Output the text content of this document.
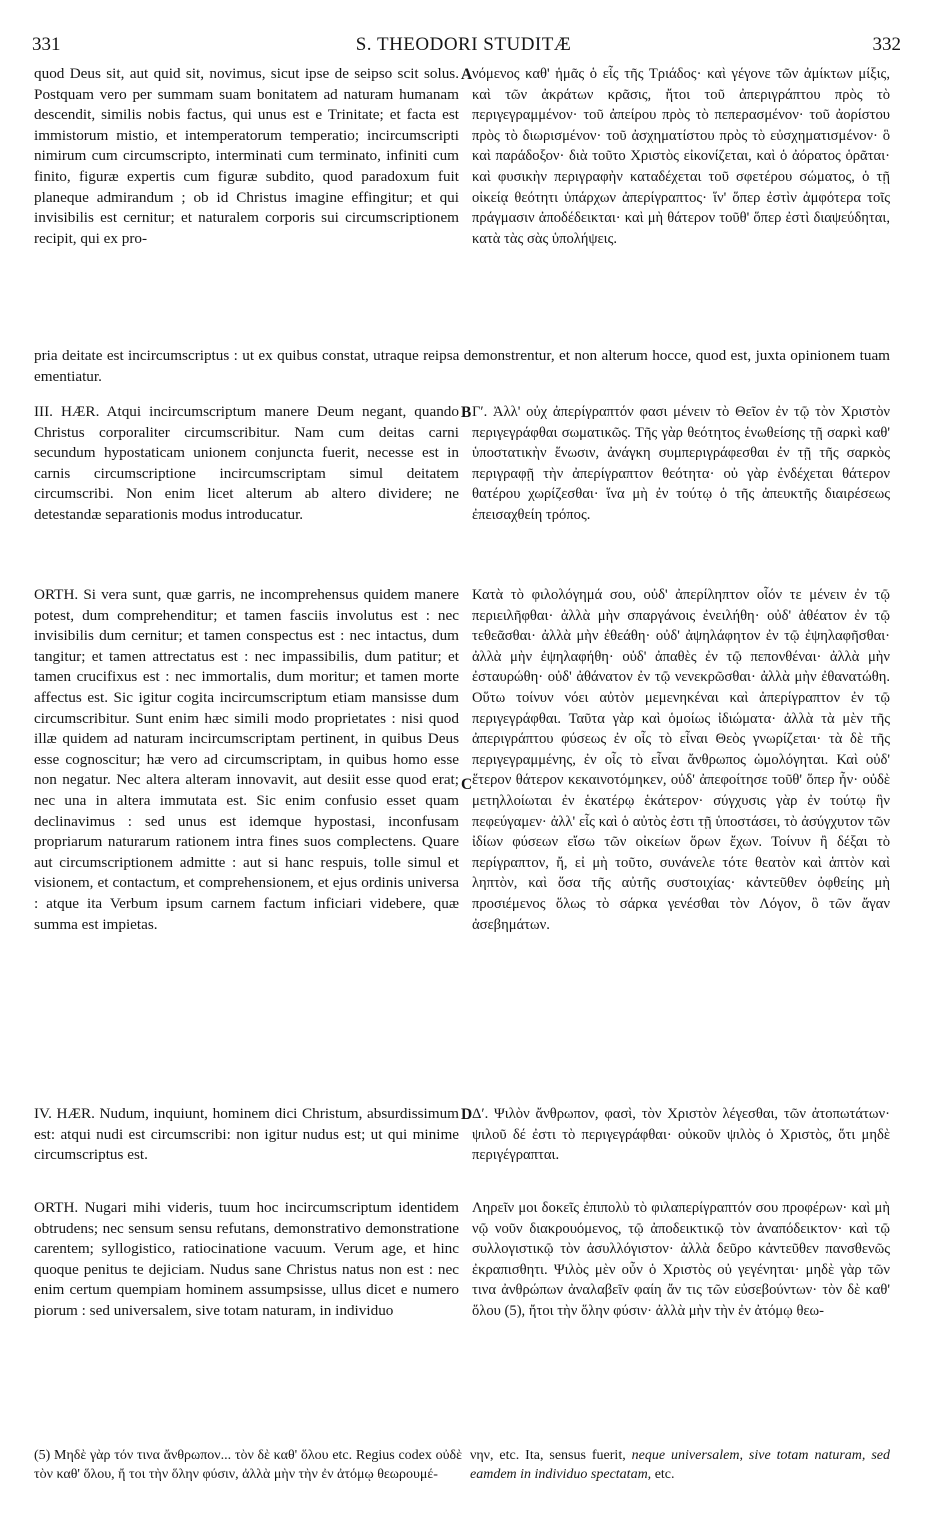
331	S. THEODORI STUDITÆ	332
A
B
C
D
quod Deus sit, aut quid sit, novimus, sicut ipse de seipso scit solus. Postquam vero per summam suam bonitatem ad naturam humanam descendit, similis nobis factus, qui unus est e Trinitate; et facta est immistorum mistio, et intemperatorum temperatio; incircumscripti nimirum cum circumscripto, interminati cum terminato, infiniti cum finito, figuræ expertis cum figuræ subdito, quod paradoxum fuit planeque admirandum ; ob id Christus imagine effingitur; et qui invisibilis est cernitur; et naturalem corporis sui circumscriptionem recipit, qui ex pro-
νόμενος καθ' ἡμᾶς ὁ εἷς τῆς Τριάδος· καὶ γέγονε τῶν ἀμίκτων μίξις, καὶ τῶν ἀκράτων κρᾶσις, ἤτοι τοῦ ἀπεριγράπτου πρὸς τὸ περιγεγραμμένον· τοῦ ἀπείρου πρὸς τὸ πεπερασμένον· τοῦ ἀορίστου πρὸς τὸ διωρισμένον· τοῦ ἀσχηματίστου πρὸς τὸ εὐσχηματισμένον· ὃ καὶ παράδοξον· διὰ τοῦτο Χριστὸς εἰκονίζεται, καὶ ὁ ἀόρατος ὁρᾶται· καὶ φυσικὴν περιγραφὴν καταδέχεται τοῦ σφετέρου σώματος, ὁ τῇ οἰκείᾳ θεότητι ὑπάρχων ἀπερίγραπτος· ἵν' ὅπερ ἐστὶν ἀμφότερα τοῖς πράγμασιν ἀποδέδεικται· καὶ μὴ θάτερον τοῦθ' ὅπερ ἐστὶ διαψεύδηται, κατὰ τὰς σὰς ὑπολήψεις.
pria deitate est incircumscriptus : ut ex quibus constat, utraque reipsa demonstrentur, et non alterum hocce, quod est, juxta opinionem tuam ementiatur.
III. HÆR. Atqui incircumscriptum manere Deum negant, quando Christus corporaliter circumscribitur. Nam cum deitas carni secundum hypostaticam unionem conjuncta fuerit, necesse est in carnis circumscriptione incircumscriptam simul deitatem circumscribi. Non enim licet alterum ab altero dividere; ne detestandæ separationis modus introducatur.
Γʹ. Ἀλλ' οὐχ ἀπερίγραπτόν φασι μένειν τὸ Θεῖον ἐν τῷ τὸν Χριστὸν περιγεγράφθαι σωματικῶς. Τῆς γὰρ θεότητος ἑνωθείσης τῇ σαρκὶ καθ' ὑποστατικὴν ἕνωσιν, ἀνάγκη συμπεριγράφεσθαι ἐν τῇ τῆς σαρκὸς περιγραφῇ τὴν ἀπερίγραπτον θεότητα· οὐ γὰρ ἐνδέχεται θάτερον θατέρου χωρίζεσθαι· ἵνα μὴ ἐν τούτῳ ὁ τῆς ἀπευκτῆς διαιρέσεως ἐπεισαχθείη τρόπος.
ORTH. Si vera sunt, quæ garris, ne incomprehensus quidem manere potest, dum comprehenditur; et tamen fasciis involutus est : nec invisibilis dum cernitur; et tamen conspectus est : nec intactus, dum tangitur; et tamen attrectatus est : nec impassibilis, dum patitur; et tamen crucifixus est : nec immortalis, dum moritur; et tamen morte affectus est. Sic igitur cogita incircumscriptum etiam mansisse dum circumscribitur. Sunt enim hæc simili modo proprietates : nisi quod illæ quidem ad naturam incircumscriptam pertinent, in quibus Deus esse cognoscitur; hæ vero ad circumscriptam, in quibus homo esse non negatur. Nec altera alteram innovavit, aut desiit esse quod erat; nec una in altera immutata est. Sic enim confusio esset quam declinavimus : sed unus est idemque hypostasi, inconfusam propriarum naturarum rationem intra fines suos complectens. Quare aut circumscriptionem admitte : aut si hanc respuis, tolle simul et visionem, et contactum, et comprehensionem, et ejus ordinis universa : atque ita Verbum ipsum carnem factum inficiari videbere, quæ summa est impietas.
Κατὰ τὸ φιλολόγημά σου, οὐδ' ἀπερίληπτον οἷόν τε μένειν ἐν τῷ περιειλῆφθαι· ἀλλὰ μὴν σπαργάνοις ἐνειλήθη· οὐδ' ἀθέατον ἐν τῷ τεθεᾶσθαι· ἀλλὰ μὴν ἐθεάθη· οὐδ' ἀψηλάφητον ἐν τῷ ἐψηλαφῆσθαι· ἀλλὰ μὴν ἐψηλαφήθη· οὐδ' ἀπαθὲς ἐν τῷ πεπονθέναι· ἀλλὰ μὴν ἐσταυρώθη· οὐδ' ἀθάνατον ἐν τῷ νενεκρῶσθαι· ἀλλὰ μὴν ἐθανατώθη. Οὕτω τοίνυν νόει αὐτὸν μεμενηκέναι καὶ ἀπερίγραπτον ἐν τῷ περιγεγράφθαι. Ταῦτα γὰρ καὶ ὁμοίως ἰδιώματα· ἀλλὰ τὰ μὲν τῆς ἀπεριγράπτου φύσεως ἐν οἷς τὸ εἶναι Θεὸς γνωρίζεται· τὰ δὲ τῆς περιγεγραμμένης, ἐν οἷς τὸ εἶναι ἄνθρωπος ὡμολόγηται. Καὶ οὐδ' ἕτερον θάτερον κεκαινοτόμηκεν, οὐδ' ἀπεφοίτησε τοῦθ' ὅπερ ἦν· οὐδὲ μετηλλοίωται ἐν ἑκατέρῳ ἑκάτερον· σύγχυσις γὰρ ἐν τούτῳ ἣν πεφεύγαμεν· ἀλλ' εἷς καὶ ὁ αὐτὸς ἐστι τῇ ὑποστάσει, τὸ ἀσύγχυτον τῶν ἰδίων φύσεων εἴσω τῶν οἰκείων ὅρων ἔχων. Τοίνυν ἢ δέξαι τὸ περίγραπτον, ἤ, εἰ μὴ τοῦτο, συνάνελε τότε θεατὸν καὶ ἁπτὸν καὶ ληπτὸν, καὶ ὅσα τῆς αὐτῆς συστοιχίας· κἀντεῦθεν ὀφθείης μὴ προσιέμενος ὅλως τὸ σάρκα γενέσθαι τὸν Λόγον, ὃ τῶν ἄγαν ἀσεβημάτων.
IV. HÆR. Nudum, inquiunt, hominem dici Christum, absurdissimum est: atqui nudi est circumscribi: non igitur nudus est; ut qui minime circumscriptus est.
Δʹ. Ψιλὸν ἄνθρωπον, φασὶ, τὸν Χριστὸν λέγεσθαι, τῶν ἀτοπωτάτων· ψιλοῦ δέ ἐστι τὸ περιγεγράφθαι· οὐκοῦν ψιλὸς ὁ Χριστὸς, ὅτι μηδὲ περιγέγραπται.
ORTH. Nugari mihi videris, tuum hoc incircumscriptum identidem obtrudens; nec sensum sensu refutans, demonstrativo demonstratione carentem; syllogistico, ratiocinatione vacuum. Verum age, et hinc quoque penitus te dejiciam. Nudus sane Christus natus non est : nec enim certum quempiam hominem assumpsisse, ullus dicet e numero piorum : sed universalem, sive totam naturam, in individuo
Ληρεῖν μοι δοκεῖς ἐπιπολὺ τὸ φιλαπερίγραπτόν σου προφέρων· καὶ μὴ νῷ νοῦν διακρουόμενος, τῷ ἀποδεικτικῷ τὸν ἀναπόδεικτον· καὶ τῷ συλλογιστικῷ τὸν ἀσυλλόγιστον· ἀλλὰ δεῦρο κἀντεῦθεν πανσθενῶς ἐκραπισθητι. Ψιλὸς μὲν οὖν ὁ Χριστὸς οὐ γεγένηται· μηδὲ γὰρ τῶν τινα ἀνθρώπων ἀναλαβεῖν φαίη ἄν τις τῶν εὐσεβούντων· τὸν δὲ καθ' ὅλου (5), ἤτοι τὴν ὅλην φύσιν· ἀλλὰ μὴν τὴν ἐν ἀτόμῳ θεω-
(5) Μηδὲ γὰρ τόν τινα ἄνθρωπον... τὸν δὲ καθ' ὅλου etc. Regius codex οὐδὲ τὸν καθ' ὅλου, ἤ τοι τὴν ὅλην φύσιν, ἀλλὰ μὴν τὴν ἐν ἀτόμῳ θεωρουμέ-
νην, etc. Ita, sensus fuerit, neque universalem, sive totam naturam, sed eamdem in individuo spectatam, etc.
